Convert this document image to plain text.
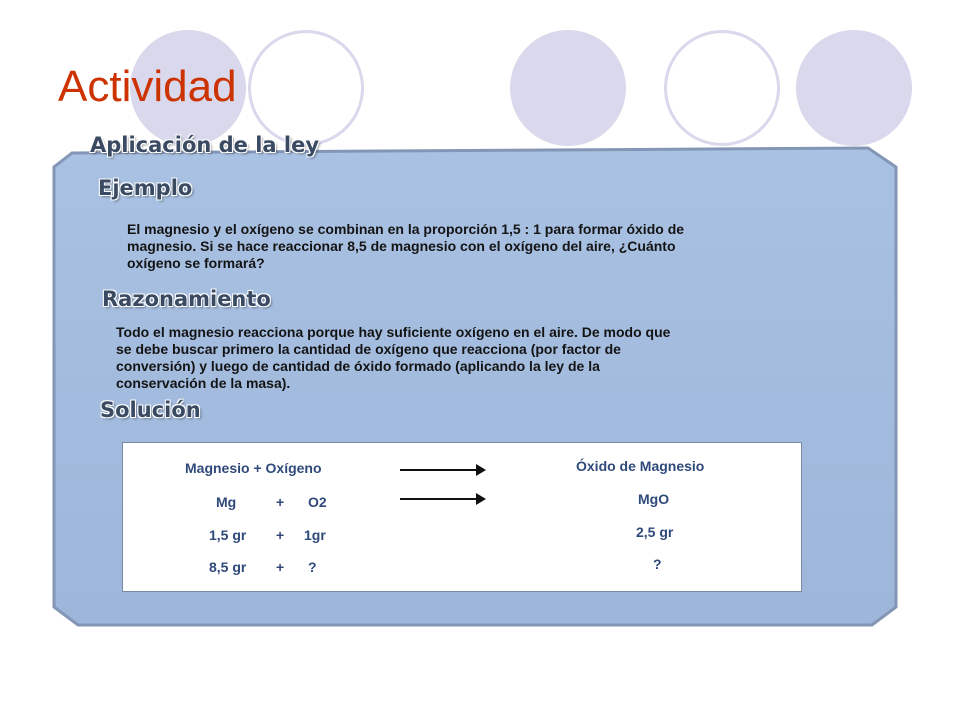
Actividad
Aplicación de la ley
Ejemplo

El magnesio y el oxígeno se combinan en la proporción 1,5 : 1 para formar óxido de

magnesio. Si se hace reaccionar 8,5 de magnesio con el oxígeno del aire, ¿Cuánto

oxígeno se formará?

Razonamiento

Todo el magnesio reacciona porque hay suficiente oxígeno en el aire. De modo que

se debe buscar primero la cantidad de oxígeno que reacciona (por factor de

conversión) y luego de cantidad de óxido formado (aplicando la ley de la

conservación de la masa).

Solución
Magnesio + Oxígeno	Óxido de Magnesio
Mg	+ O2	MgO
1,5 gr + 1gr	2,5 gr
8,5 gr + ?	?
